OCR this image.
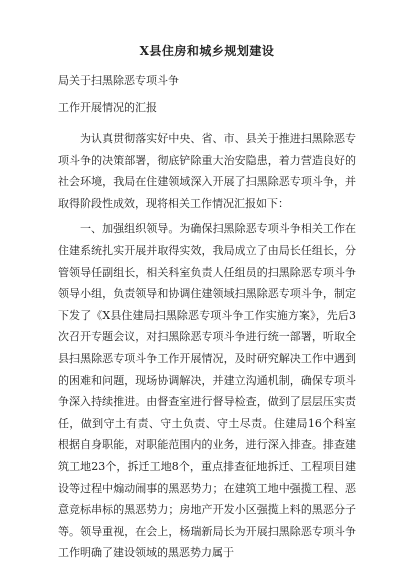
X县住房和城乡规划建设
局关于扫黑除恶专项斗争
工作开展情况的汇报

为认真贯彻落实好中央、省、市、县关于推进扫黑除恶专项斗争的决策部署，彻底铲除重大治安隐患，着力营造良好的社会环境，我局在住建领域深入开展了扫黑除恶专项斗争，并取得阶段性成效，现将相关工作情况汇报如下：

一、加强组织领导。为确保扫黑除恶专项斗争相关工作在住建系统扎实开展并取得实效，我局成立了由局长任组长，分管领导任副组长，相关科室负责人任组员的扫黑除恶专项斗争领导小组，负责领导和协调住建领域扫黑除恶专项斗争，制定下发了《X县住建局扫黑除恶专项斗争工作实施方案》，先后3次召开专题会议，对扫黑除恶专项斗争进行统一部署，听取全县扫黑除恶专项斗争工作开展情况，及时研究解决工作中遇到的困难和问题，现场协调解决，并建立沟通机制，确保专项斗争深入持续推进。由督查室进行督导检查，做到了层层压实责任，做到守土有责、守土负责、守土尽责。住建局16个科室根据自身职能，对职能范围内的业务，进行深入排查。排查建筑工地23个，拆迁工地8个，重点排查征地拆迁、工程项目建设等过程中煽动闹事的黑恶势力；在建筑工地中强揽工程、恶意竞标串标的黑恶势力；房地产开发小区强揽上料的黑恶分子等。领导重视，在会上，杨瑞新局长为开展扫黑除恶专项斗争工作明确了建设领域的黑恶势力属于
